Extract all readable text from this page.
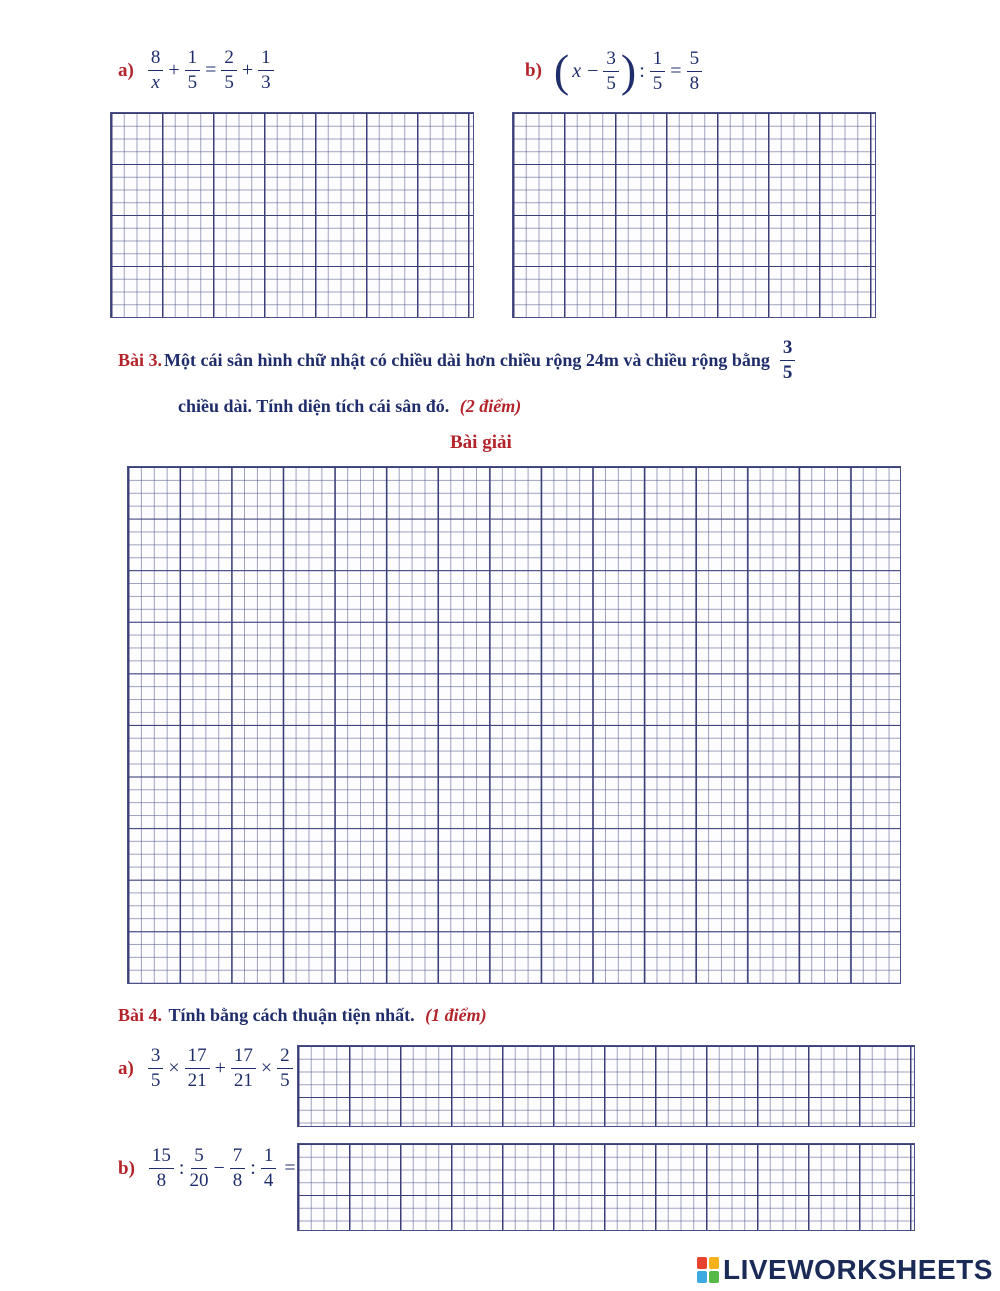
$a) \frac{8}{x} + \frac{1}{5} = \frac{2}{5} + \frac{1}{3}$	b) ( $x - \frac{3}{5}$ ) : $\frac{1}{5} = \frac{5}{8}$
Bài 3. Một cái sân hình chữ nhật có chiều dài hơn chiều rộng 24m và chiều rộng bằng $\frac{3}{5}$
chiều dài. Tính diện tích cái sân đó. (2 điểm)
Bài giải
Bài 4. Tính bằng cách thuận tiện nhất. (1 điểm)
$a) \frac{3}{5} \times \frac{17}{21} + \frac{17}{21} \times \frac{2}{5}$
$b) \frac{15}{8}$ : $\frac{5}{20} - \frac{7}{8}$ : $\frac{1}{4}$ =
LIVEWORKSHEETS
